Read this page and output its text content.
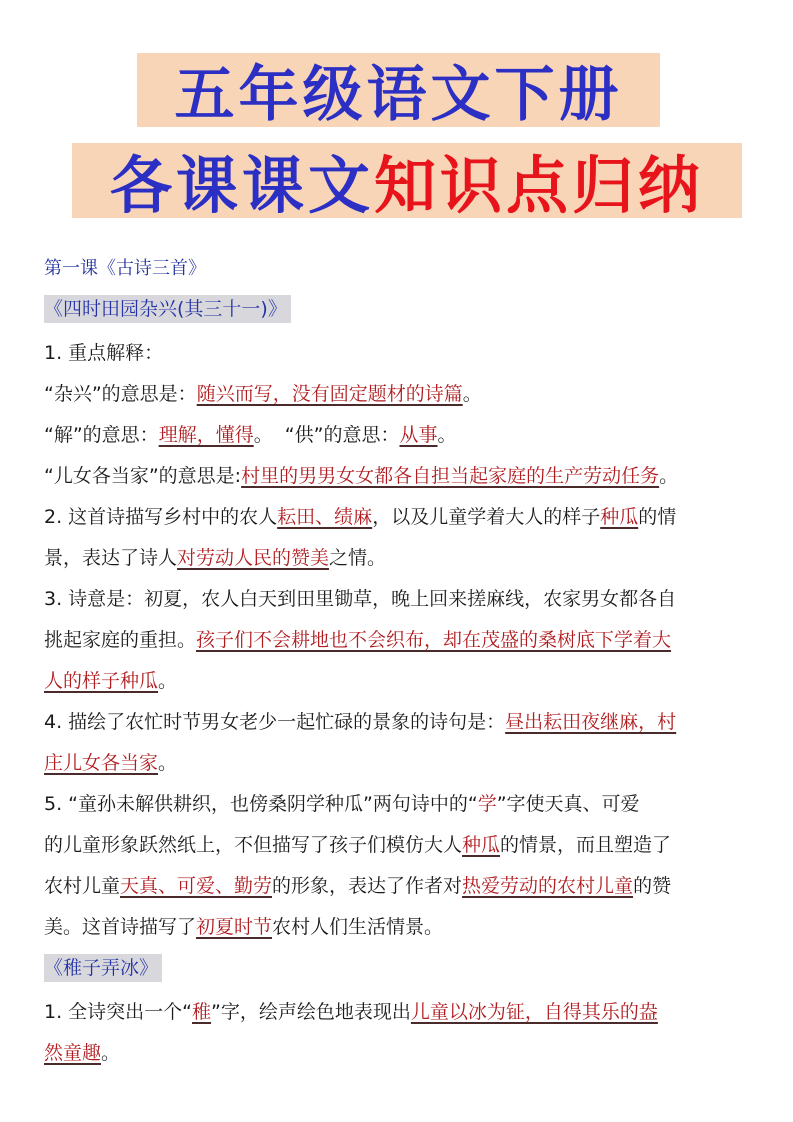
五年级语文下册
各课课文 知识点归纳
第一课《古诗三首》
《四时田园杂兴(其三十一)》
1. 重点解释：
“杂兴”的意思是：随兴而写，没有固定题材的诗篇。
“解”的意思：理解，懂得。  “供”的意思：从事。
“儿女各当家”的意思是:村里的男男女女都各自担当起家庭的生产劳动任务。
2. 这首诗描写乡村中的农人耘田、绩麻，以及儿童学着大人的样子种瓜的情
景，表达了诗人对劳动人民的赞美之情。
3. 诗意是：初夏，农人白天到田里锄草，晚上回来搓麻线，农家男女都各自
挑起家庭的重担。孩子们不会耕地也不会织布，却在茂盛的桑树底下学着大
人的样子种瓜。
4. 描绘了农忙时节男女老少一起忙碌的景象的诗句是：昼出耘田夜继麻，村
庄儿女各当家。
5. “童孙未解供耕织，也傍桑阴学种瓜”两句诗中的“学”字使天真、可爱
的儿童形象跃然纸上，不但描写了孩子们模仿大人种瓜的情景，而且塑造了
农村儿童天真、可爱、勤劳的形象，表达了作者对热爱劳动的农村儿童的赞
美。这首诗描写了初夏时节农村人们生活情景。
《稚子弄冰》
1. 全诗突出一个“稚”字，绘声绘色地表现出儿童以冰为钲，自得其乐的盎
然童趣。
